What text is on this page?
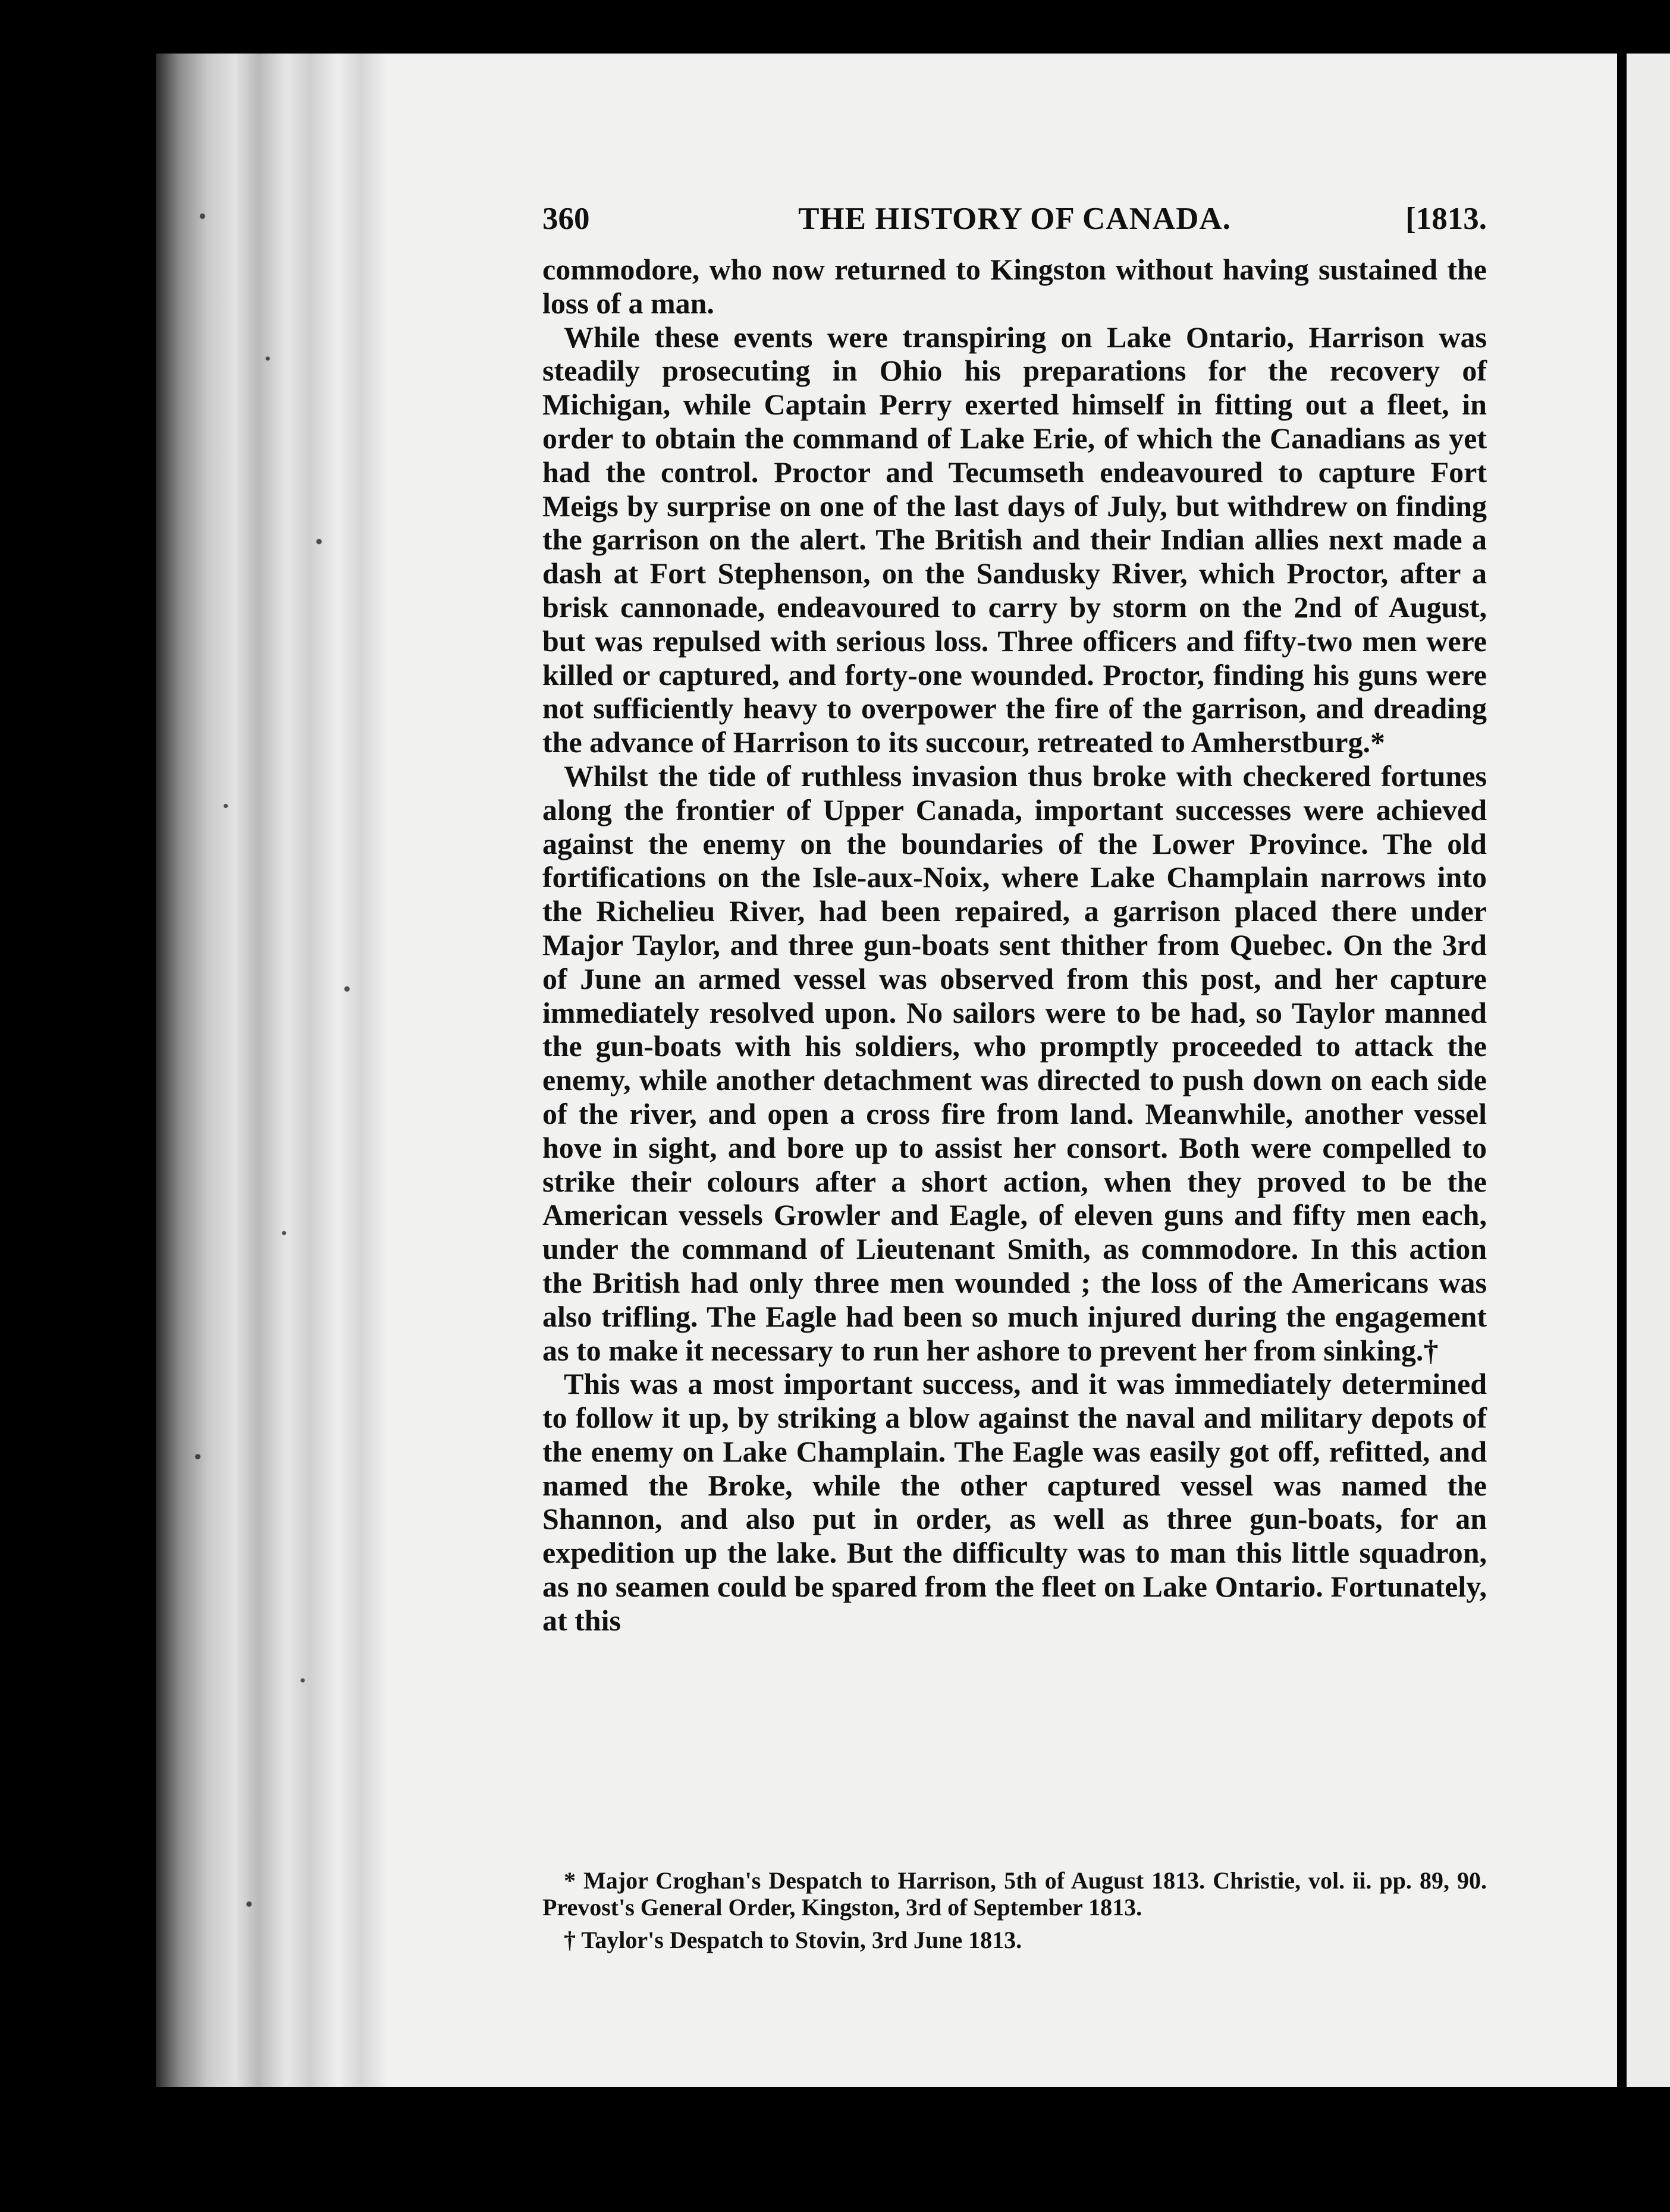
360	THE HISTORY OF CANADA.	[1813.

commodore, who now returned to Kingston without having sustained the loss of a man.

While these events were transpiring on Lake Ontario, Harrison was steadily prosecuting in Ohio his preparations for the recovery of Michigan, while Captain Perry exerted himself in fitting out a fleet, in order to obtain the command of Lake Erie, of which the Canadians as yet had the control. Proctor and Tecumseth endeavoured to capture Fort Meigs by surprise on one of the last days of July, but withdrew on finding the garrison on the alert. The British and their Indian allies next made a dash at Fort Stephenson, on the Sandusky River, which Proctor, after a brisk cannonade, endeavoured to carry by storm on the 2nd of August, but was repulsed with serious loss. Three officers and fifty-two men were killed or captured, and forty-one wounded. Proctor, finding his guns were not sufficiently heavy to overpower the fire of the garrison, and dreading the advance of Harrison to its succour, retreated to Amherstburg.*

Whilst the tide of ruthless invasion thus broke with checkered fortunes along the frontier of Upper Canada, important successes were achieved against the enemy on the boundaries of the Lower Province. The old fortifications on the Isle-aux-Noix, where Lake Champlain narrows into the Richelieu River, had been repaired, a garrison placed there under Major Taylor, and three gun-boats sent thither from Quebec. On the 3rd of June an armed vessel was observed from this post, and her capture immediately resolved upon. No sailors were to be had, so Taylor manned the gun-boats with his soldiers, who promptly proceeded to attack the enemy, while another detachment was directed to push down on each side of the river, and open a cross fire from land. Meanwhile, another vessel hove in sight, and bore up to assist her consort. Both were compelled to strike their colours after a short action, when they proved to be the American vessels Growler and Eagle, of eleven guns and fifty men each, under the command of Lieutenant Smith, as commodore. In this action the British had only three men wounded ; the loss of the Americans was also trifling. The Eagle had been so much injured during the engagement as to make it necessary to run her ashore to prevent her from sinking.†

This was a most important success, and it was immediately determined to follow it up, by striking a blow against the naval and military depots of the enemy on Lake Champlain. The Eagle was easily got off, refitted, and named the Broke, while the other captured vessel was named the Shannon, and also put in order, as well as three gun-boats, for an expedition up the lake. But the difficulty was to man this little squadron, as no seamen could be spared from the fleet on Lake Ontario. Fortunately, at this

* Major Croghan's Despatch to Harrison, 5th of August 1813. Christie, vol. ii. pp. 89, 90. Prevost's General Order, Kingston, 3rd of September 1813.

† Taylor's Despatch to Stovin, 3rd June 1813.
